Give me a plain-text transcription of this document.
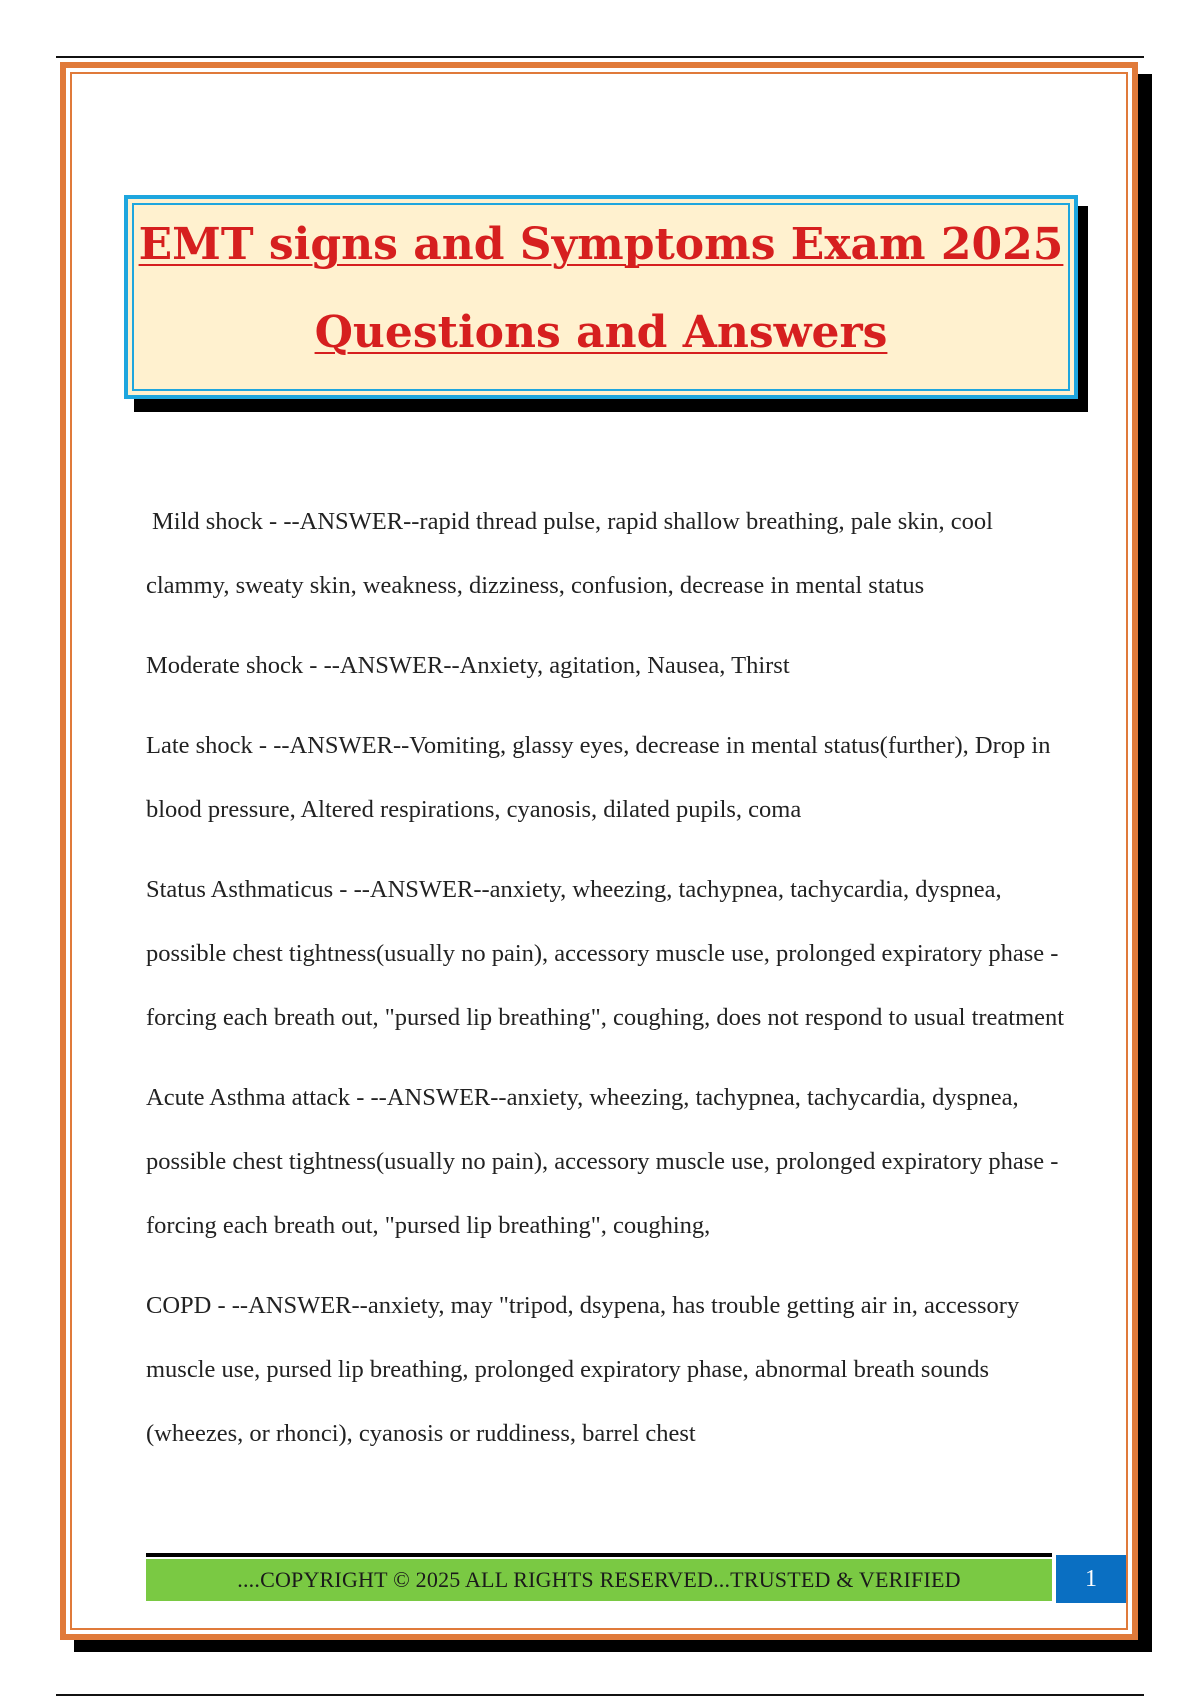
EMT signs and Symptoms Exam 2025
Questions and Answers

Mild shock - --ANSWER--rapid thread pulse, rapid shallow breathing, pale skin, cool clammy, sweaty skin, weakness, dizziness, confusion, decrease in mental status

Moderate shock - --ANSWER--Anxiety, agitation, Nausea, Thirst

Late shock - --ANSWER--Vomiting, glassy eyes, decrease in mental status(further), Drop in blood pressure, Altered respirations, cyanosis, dilated pupils, coma

Status Asthmaticus - --ANSWER--anxiety, wheezing, tachypnea, tachycardia, dyspnea, possible chest tightness(usually no pain), accessory muscle use, prolonged expiratory phase -forcing each breath out, "pursed lip breathing", coughing, does not respond to usual treatment

Acute Asthma attack - --ANSWER--anxiety, wheezing, tachypnea, tachycardia, dyspnea, possible chest tightness(usually no pain), accessory muscle use, prolonged expiratory phase -forcing each breath out, "pursed lip breathing", coughing,

COPD - --ANSWER--anxiety, may "tripod, dsypena, has trouble getting air in, accessory muscle use, pursed lip breathing, prolonged expiratory phase, abnormal breath sounds (wheezes, or rhonci), cyanosis or ruddiness, barrel chest

....COPYRIGHT © 2025 ALL RIGHTS RESERVED...TRUSTED & VERIFIED	1
